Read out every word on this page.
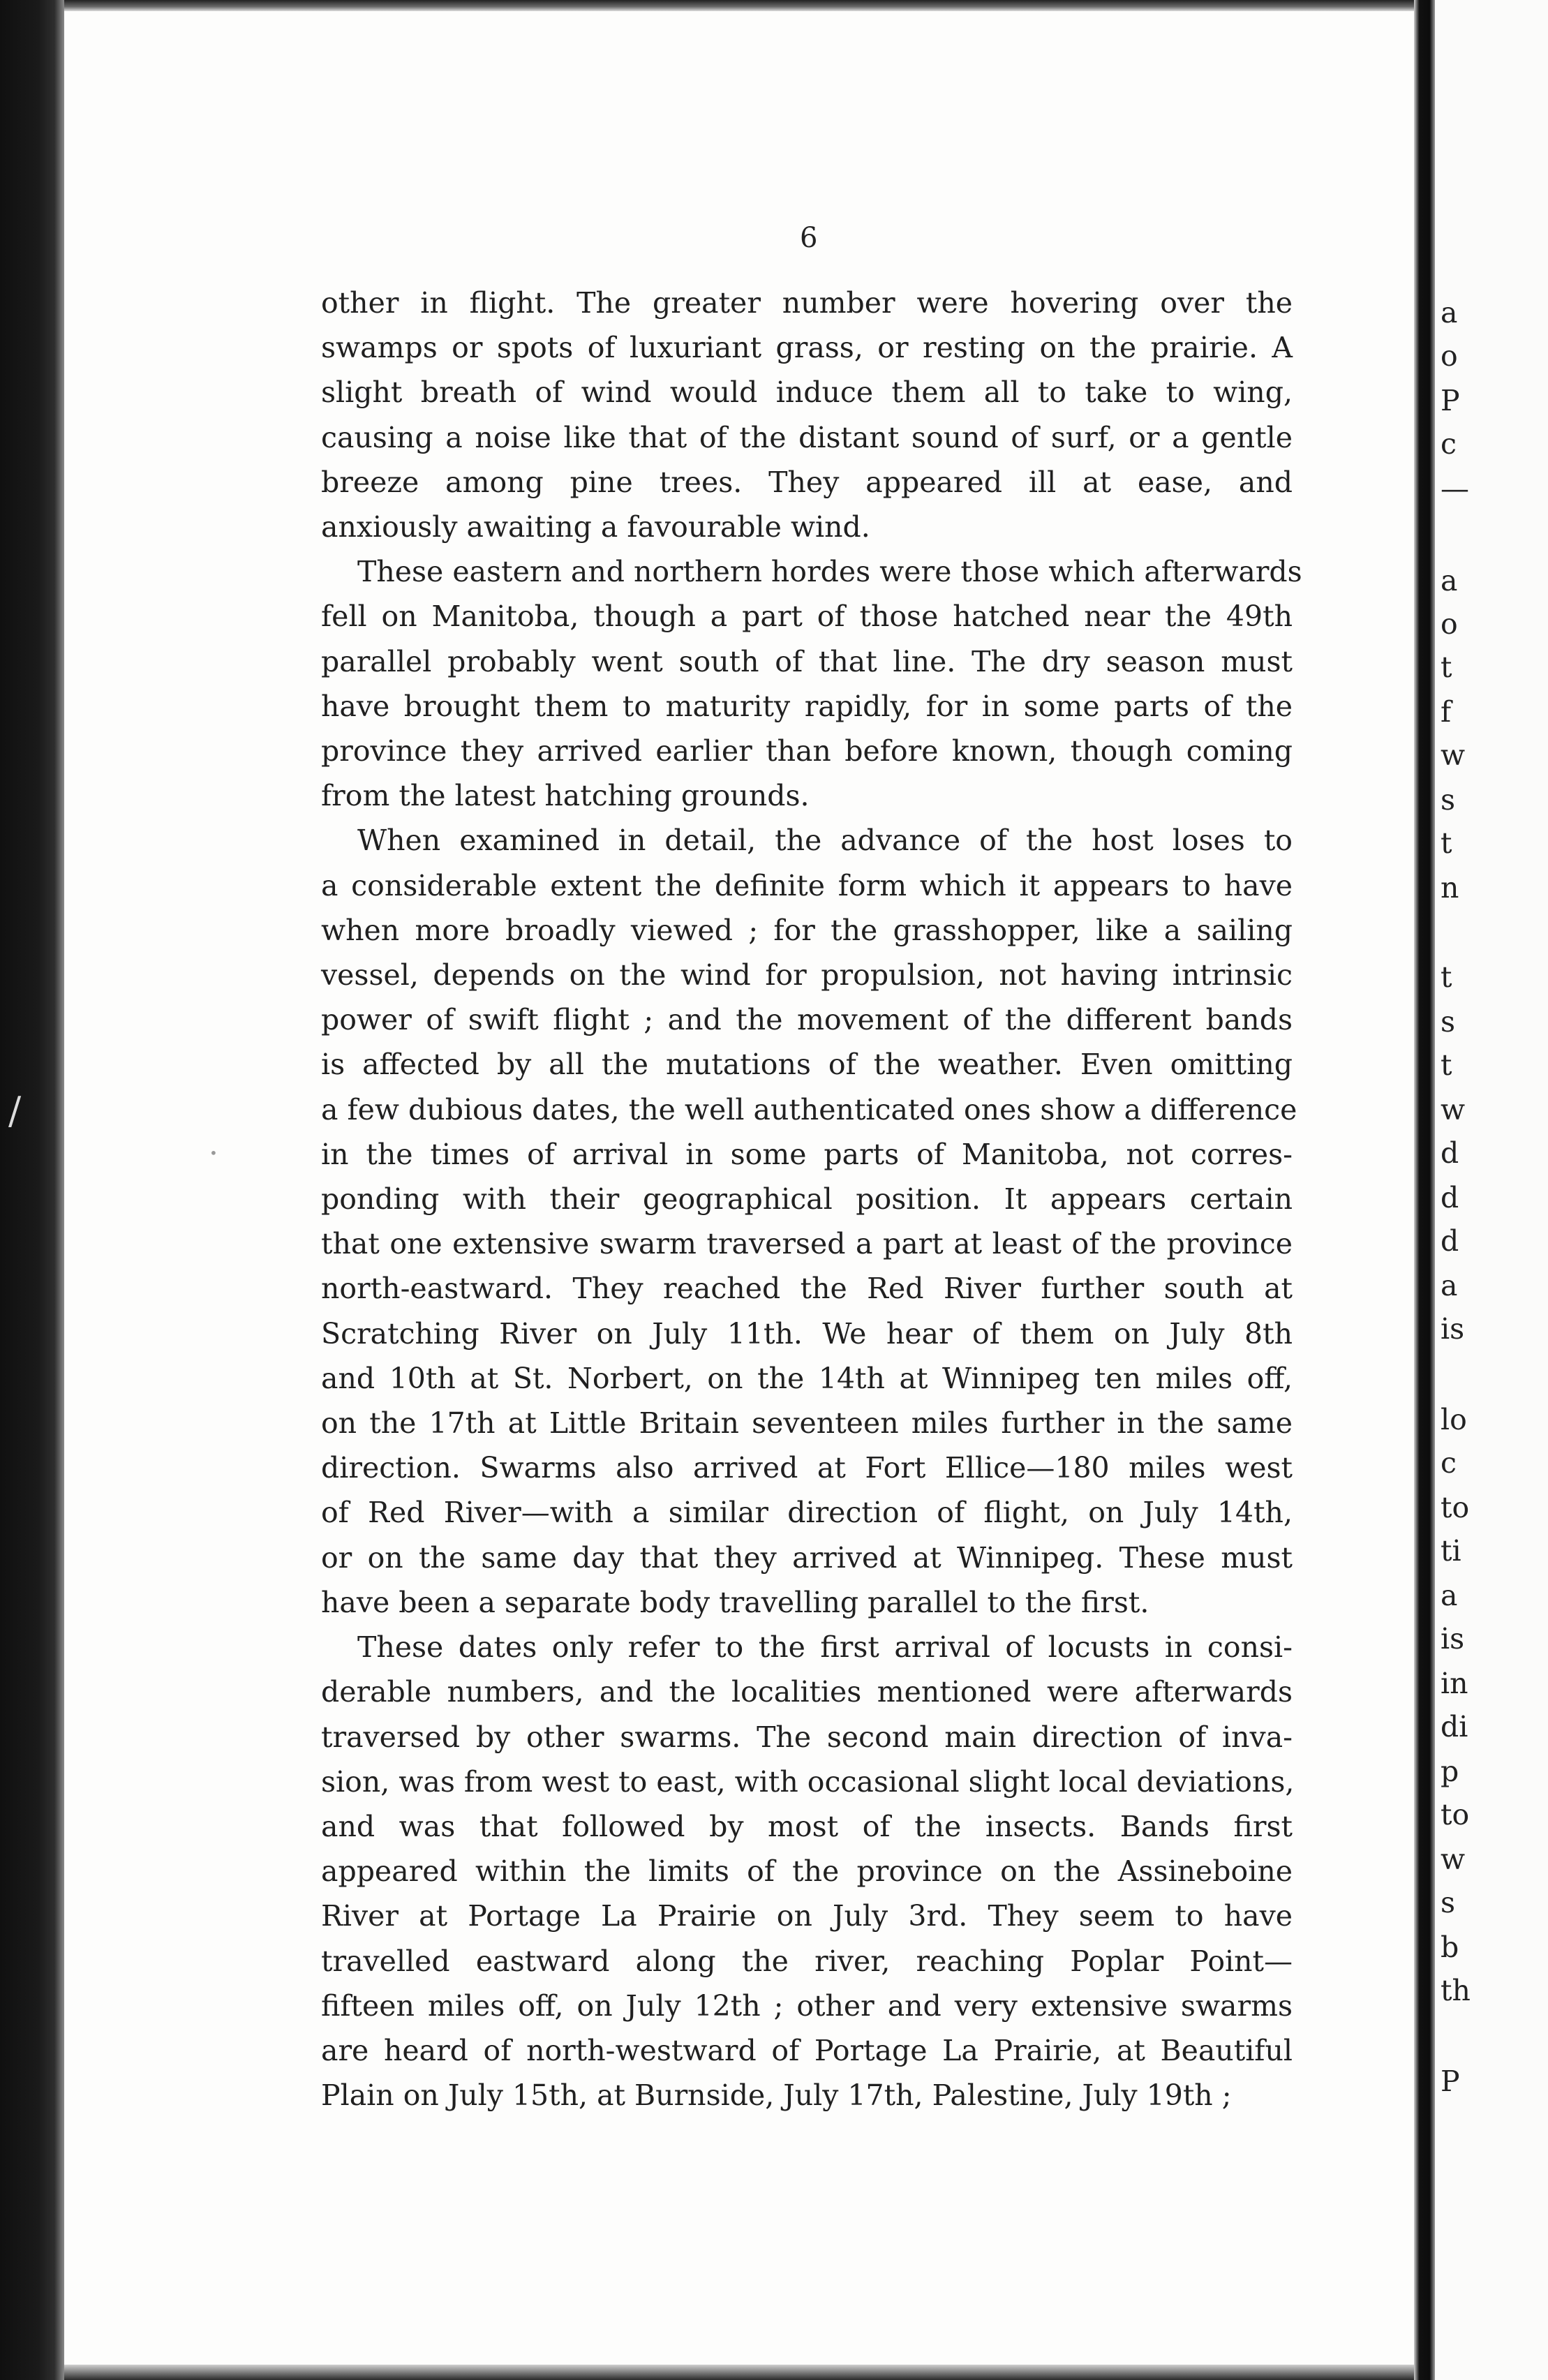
6
other in flight. The greater number were hovering over the
swamps or spots of luxuriant grass, or resting on the prairie. A
slight breath of wind would induce them all to take to wing,
causing a noise like that of the distant sound of surf, or a gentle
breeze among pine trees. They appeared ill at ease, and
anxiously awaiting a favourable wind.
These eastern and northern hordes were those which afterwards
fell on Manitoba, though a part of those hatched near the 49th
parallel probably went south of that line. The dry season must
have brought them to maturity rapidly, for in some parts of the
province they arrived earlier than before known, though coming
from the latest hatching grounds.
When examined in detail, the advance of the host loses to
a considerable extent the definite form which it appears to have
when more broadly viewed ; for the grasshopper, like a sailing
vessel, depends on the wind for propulsion, not having intrinsic
power of swift flight ; and the movement of the different bands
is affected by all the mutations of the weather. Even omitting
a few dubious dates, the well authenticated ones show a difference
in the times of arrival in some parts of Manitoba, not corres-
ponding with their geographical position. It appears certain
that one extensive swarm traversed a part at least of the province
north-eastward. They reached the Red River further south at
Scratching River on July 11th. We hear of them on July 8th
and 10th at St. Norbert, on the 14th at Winnipeg ten miles off,
on the 17th at Little Britain seventeen miles further in the same
direction. Swarms also arrived at Fort Ellice—180 miles west
of Red River—with a similar direction of flight, on July 14th,
or on the same day that they arrived at Winnipeg. These must
have been a separate body travelling parallel to the first.
These dates only refer to the first arrival of locusts in consi-
derable numbers, and the localities mentioned were afterwards
traversed by other swarms. The second main direction of inva-
sion, was from west to east, with occasional slight local deviations,
and was that followed by most of the insects. Bands first
appeared within the limits of the province on the Assineboine
River at Portage La Prairie on July 3rd. They seem to have
travelled eastward along the river, reaching Poplar Point—
fifteen miles off, on July 12th ; other and very extensive swarms
are heard of north-westward of Portage La Prairie, at Beautiful
Plain on July 15th, at Burnside, July 17th, Palestine, July 19th ;
a
o
P
c
—
a
o
t
f
w
s
t
n
t
s
t
w
d
d
d
a
is
lo
c
to
ti
a
is
in
di
p
to
w
s
b
th
P
/
•
